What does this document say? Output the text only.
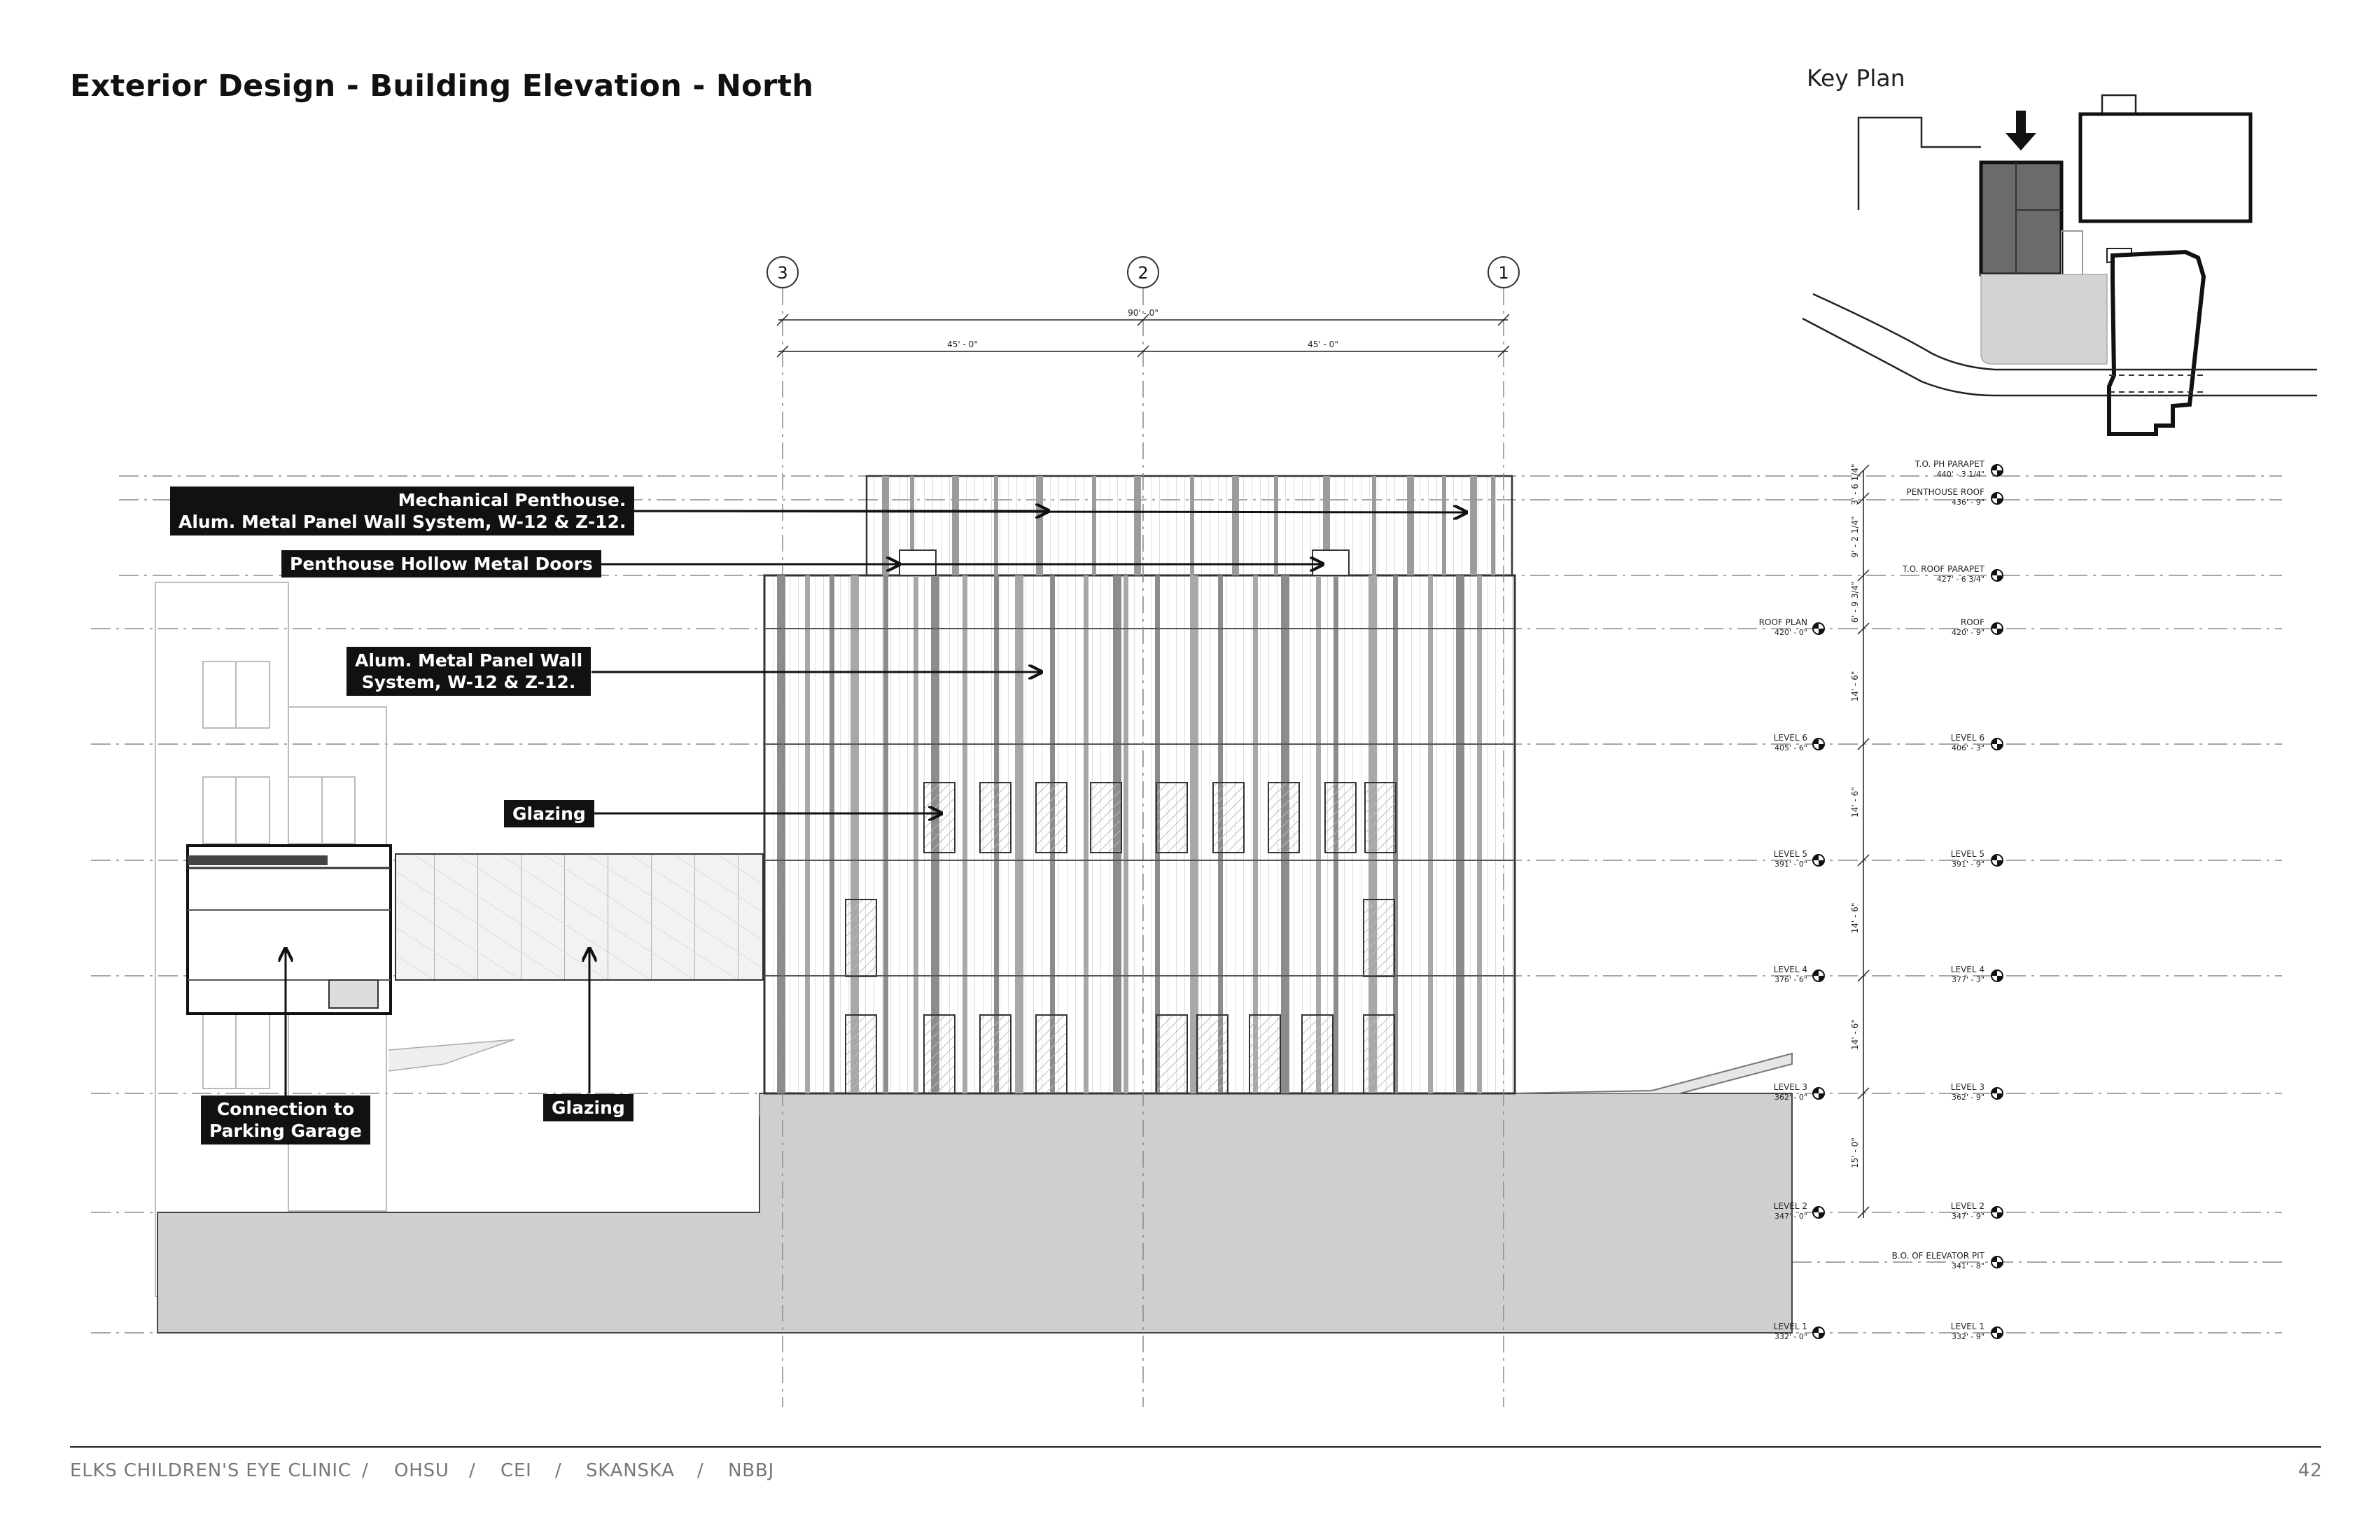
Exterior Design - Building Elevation - North	Key Plan
3	2	1
90' - 0"
45' - 0"	45' - 0"
3' - 6 1/4"
9' - 2 1/4"
6' - 9 3/4"
14' - 6"
14' - 6"
14' - 6"
14' - 6"
15' - 0"
ROOF PLAN
420' - 0"
LEVEL 6
405' - 6"
LEVEL 5
391' - 0"
LEVEL 4
376' - 6"
LEVEL 3
362' - 0"
LEVEL 2
347' - 0"
LEVEL 1
332' - 0"
T.O. PH PARAPET
440' - 3 1/4"
PENTHOUSE ROOF
436' - 9"
T.O. ROOF PARAPET
427' - 6 3/4"
ROOF
420' - 9"
LEVEL 6
406' - 3"
LEVEL 5
391' - 9"
LEVEL 4
377' - 3"
LEVEL 3
362' - 9"
LEVEL 2
347' - 9"
B.O. OF ELEVATOR PIT
341' - 8"
LEVEL 1
332' - 9"
Mechanical Penthouse.
Alum. Metal Panel Wall System, W-12 & Z-12.
Penthouse Hollow Metal Doors
Alum. Metal Panel Wall
System, W-12 & Z-12.
Glazing
Connection to
Parking Garage
Glazing
ELKS CHILDREN'S EYE CLINIC / OHSU / CEI / SKANSKA / NBBJ	42
